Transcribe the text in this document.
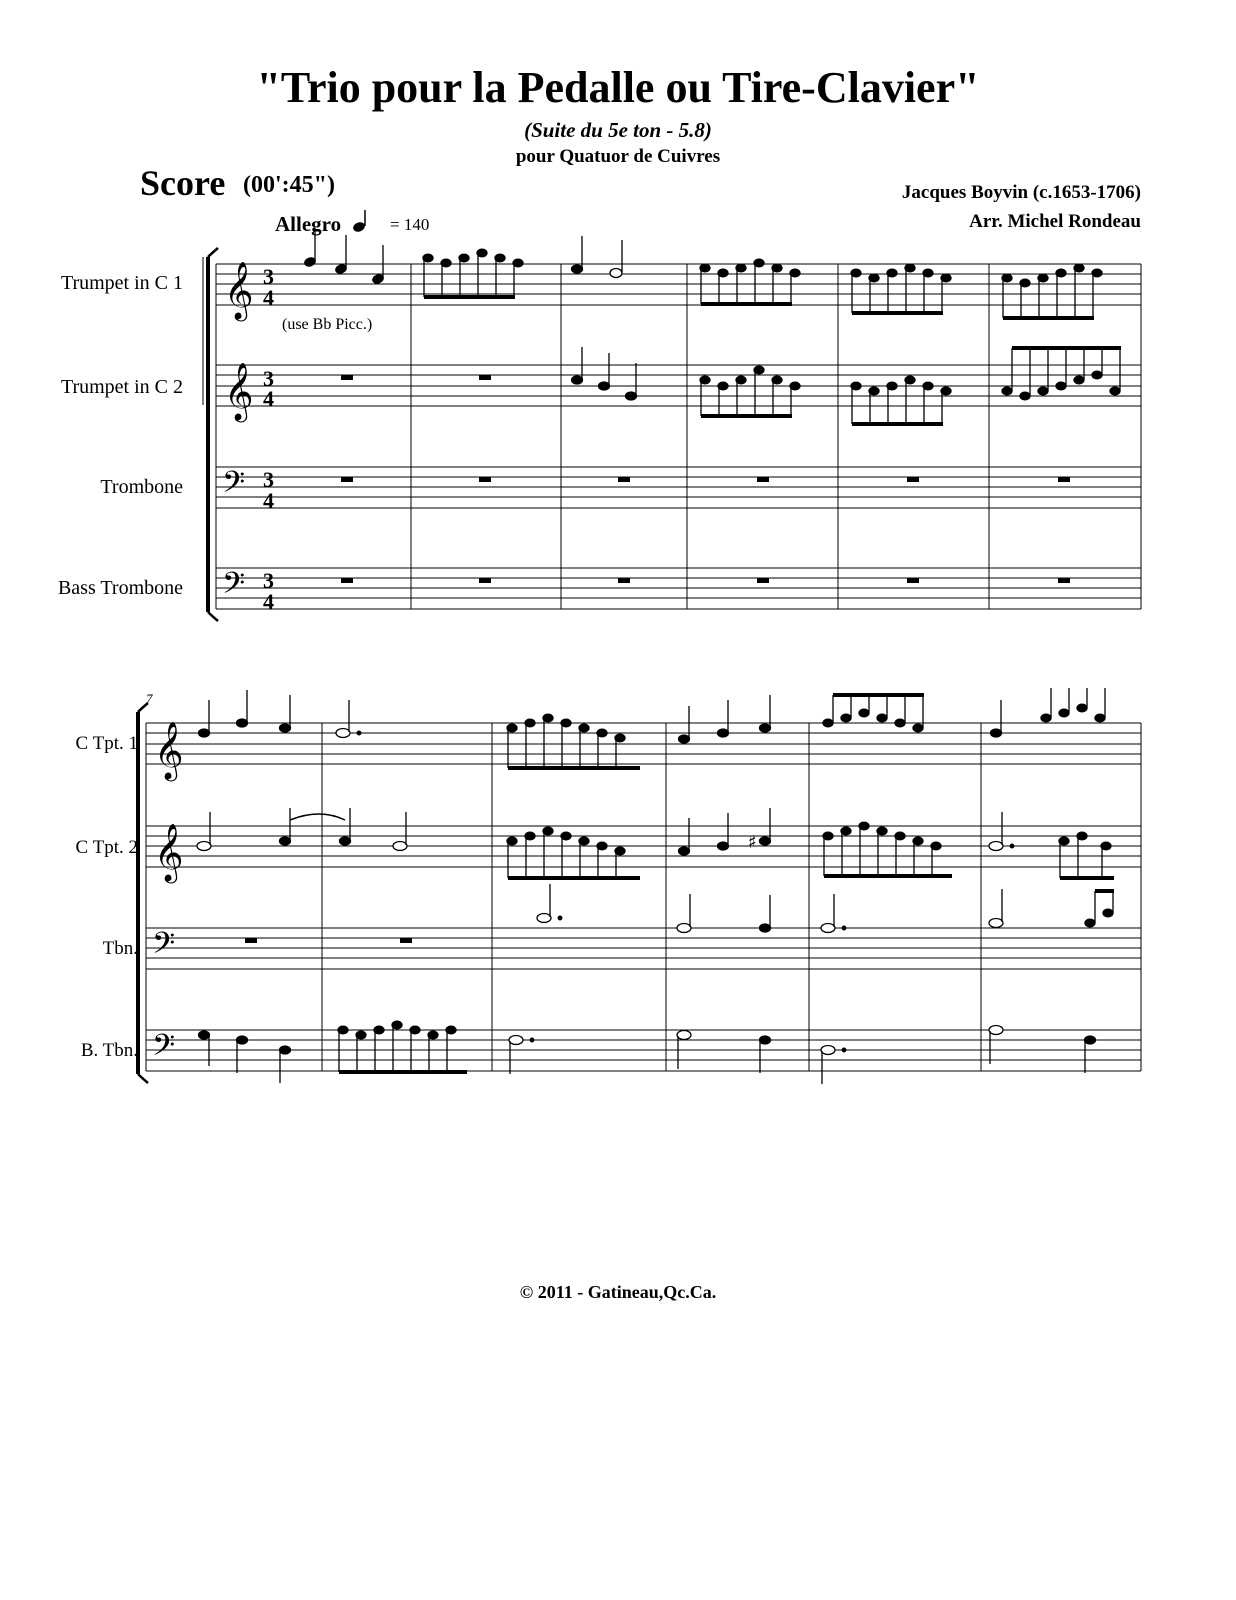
"Trio pour la Pedalle ou Tire-Clavier"
(Suite du 5e ton - 5.8)
pour Quatuor de Cuivres
Score (00':45")	Jacques Boyvin (c.1653-1706)
Arr. Michel Rondeau
Allegro	= 140
(use Bb Picc.)
Trumpet in C 1
Trumpet in C 2
Trombone
Bass Trombone
7
C Tpt. 1
C Tpt. 2
Tbn.
B. Tbn.
© 2011 - Gatineau,Qc.Ca.
𝄞
𝄞
𝄢
𝄢
3
4
3
4
3
4
3
4
𝄞
𝄞
𝄢
𝄢
♯
